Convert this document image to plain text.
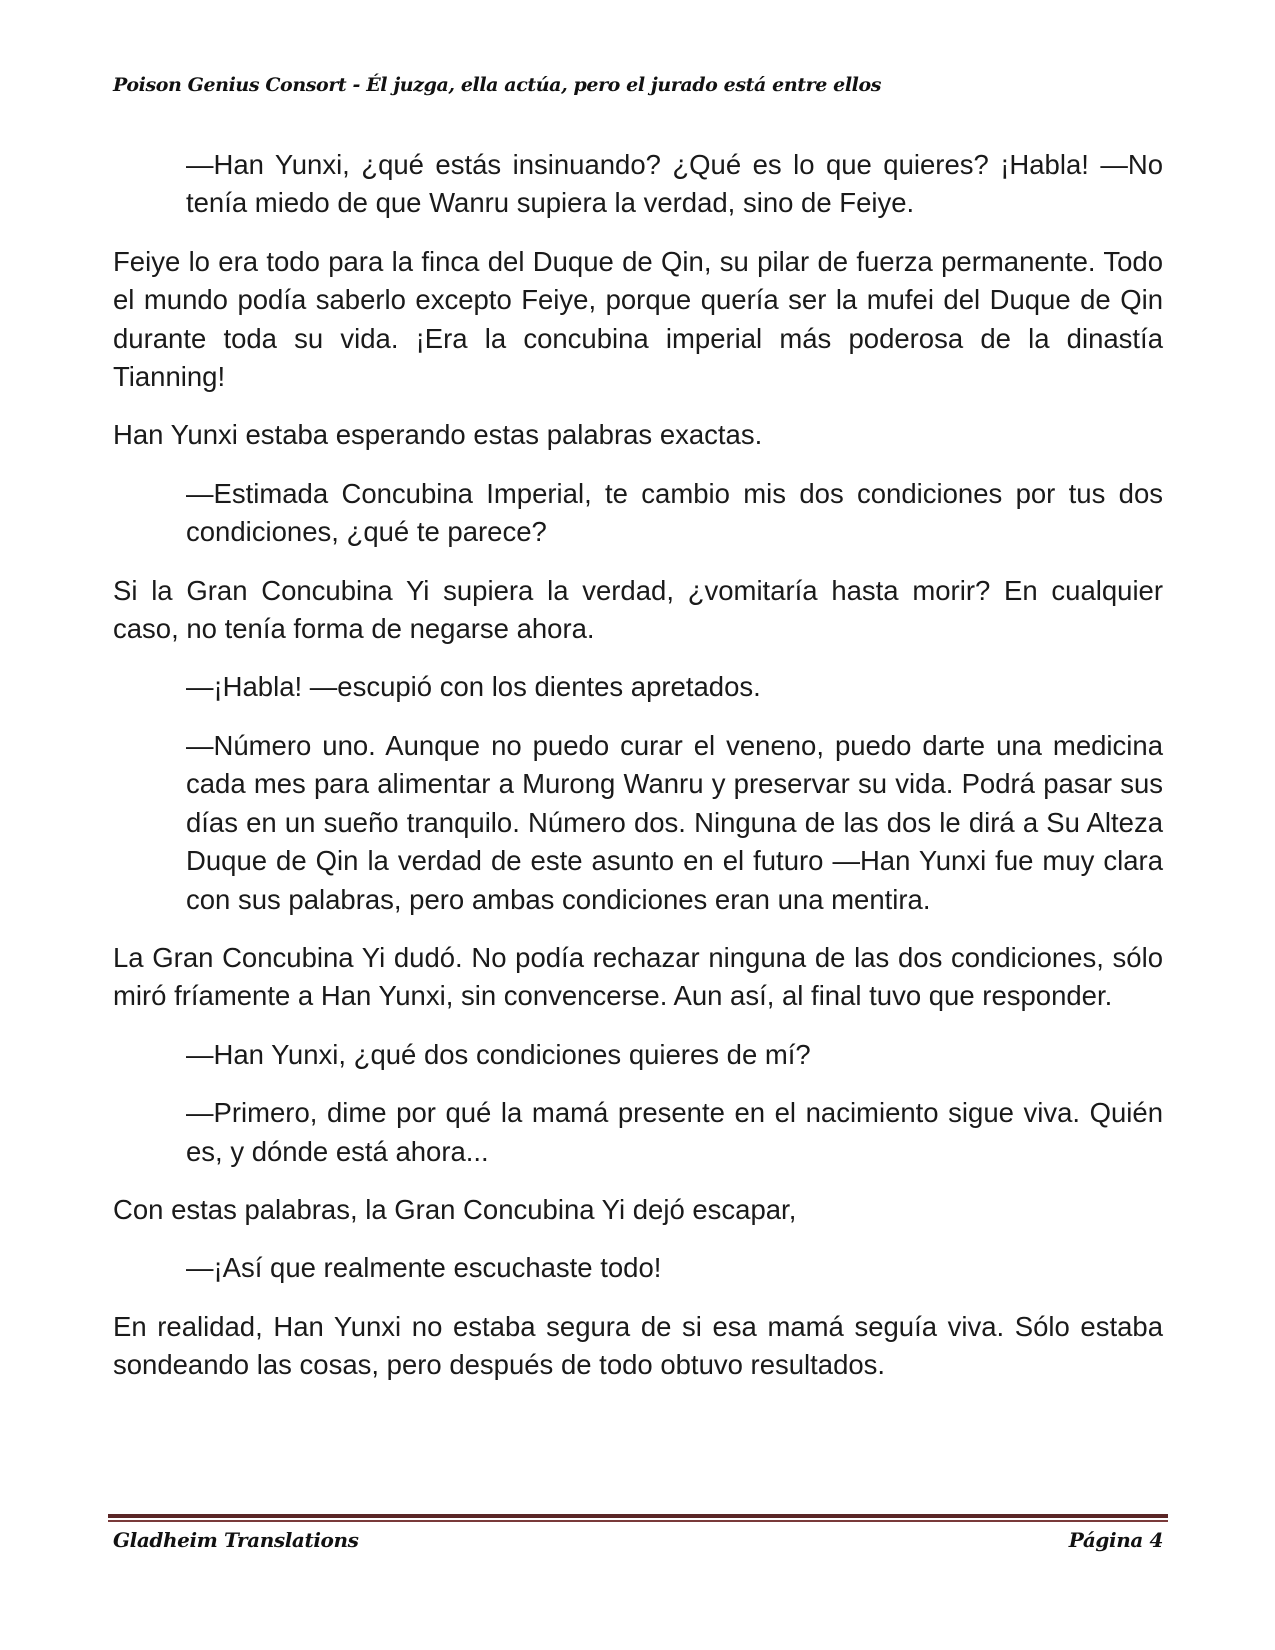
Poison Genius Consort - Él juzga, ella actúa, pero el jurado está entre ellos

—Han Yunxi, ¿qué estás insinuando? ¿Qué es lo que quieres? ¡Habla! —No tenía miedo de que Wanru supiera la verdad, sino de Feiye.

Feiye lo era todo para la finca del Duque de Qin, su pilar de fuerza permanente. Todo el mundo podía saberlo excepto Feiye, porque quería ser la mufei del Duque de Qin durante toda su vida. ¡Era la concubina imperial más poderosa de la dinastía Tianning!

Han Yunxi estaba esperando estas palabras exactas.

—Estimada Concubina Imperial, te cambio mis dos condiciones por tus dos condiciones, ¿qué te parece?

Si la Gran Concubina Yi supiera la verdad, ¿vomitaría hasta morir? En cualquier caso, no tenía forma de negarse ahora.

—¡Habla! —escupió con los dientes apretados.

—Número uno. Aunque no puedo curar el veneno, puedo darte una medicina cada mes para alimentar a Murong Wanru y preservar su vida. Podrá pasar sus días en un sueño tranquilo. Número dos. Ninguna de las dos le dirá a Su Alteza Duque de Qin la verdad de este asunto en el futuro —Han Yunxi fue muy clara con sus palabras, pero ambas condiciones eran una mentira.

La Gran Concubina Yi dudó. No podía rechazar ninguna de las dos condiciones, sólo miró fríamente a Han Yunxi, sin convencerse. Aun así, al final tuvo que responder.

—Han Yunxi, ¿qué dos condiciones quieres de mí?

—Primero, dime por qué la mamá presente en el nacimiento sigue viva. Quién es, y dónde está ahora...

Con estas palabras, la Gran Concubina Yi dejó escapar,

—¡Así que realmente escuchaste todo!

En realidad, Han Yunxi no estaba segura de si esa mamá seguía viva. Sólo estaba sondeando las cosas, pero después de todo obtuvo resultados.

Gladheim Translations	Página 4
